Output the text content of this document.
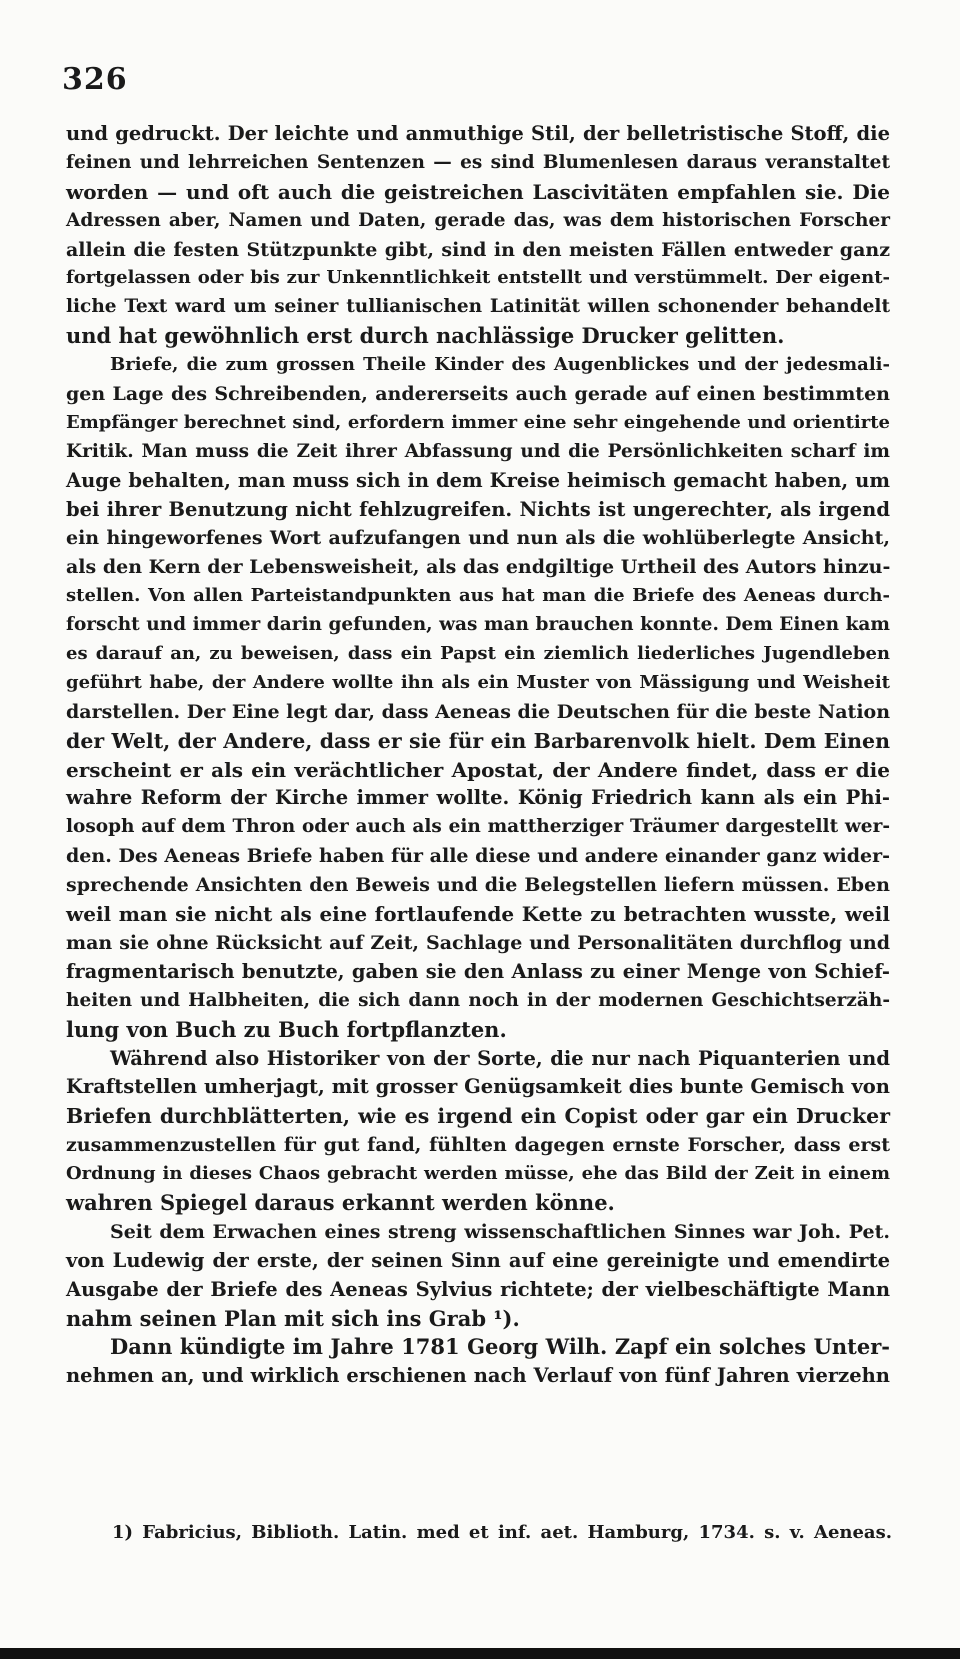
326
und gedruckt. Der leichte und anmuthige Stil, der belletristische Stoff, die
feinen und lehrreichen Sentenzen — es sind Blumenlesen daraus veranstaltet
worden — und oft auch die geistreichen Lascivitäten empfahlen sie. Die
Adressen aber, Namen und Daten, gerade das, was dem historischen Forscher
allein die festen Stützpunkte gibt, sind in den meisten Fällen entweder ganz
fortgelassen oder bis zur Unkenntlichkeit entstellt und verstümmelt. Der eigent-
liche Text ward um seiner tullianischen Latinität willen schonender behandelt
und hat gewöhnlich erst durch nachlässige Drucker gelitten.
Briefe, die zum grossen Theile Kinder des Augenblickes und der jedesmali-
gen Lage des Schreibenden, andererseits auch gerade auf einen bestimmten
Empfänger berechnet sind, erfordern immer eine sehr eingehende und orientirte
Kritik. Man muss die Zeit ihrer Abfassung und die Persönlichkeiten scharf im
Auge behalten, man muss sich in dem Kreise heimisch gemacht haben, um
bei ihrer Benutzung nicht fehlzugreifen. Nichts ist ungerechter, als irgend
ein hingeworfenes Wort aufzufangen und nun als die wohlüberlegte Ansicht,
als den Kern der Lebensweisheit, als das endgiltige Urtheil des Autors hinzu-
stellen. Von allen Parteistandpunkten aus hat man die Briefe des Aeneas durch-
forscht und immer darin gefunden, was man brauchen konnte. Dem Einen kam
es darauf an, zu beweisen, dass ein Papst ein ziemlich liederliches Jugendleben
geführt habe, der Andere wollte ihn als ein Muster von Mässigung und Weisheit
darstellen. Der Eine legt dar, dass Aeneas die Deutschen für die beste Nation
der Welt, der Andere, dass er sie für ein Barbarenvolk hielt. Dem Einen
erscheint er als ein verächtlicher Apostat, der Andere findet, dass er die
wahre Reform der Kirche immer wollte. König Friedrich kann als ein Phi-
losoph auf dem Thron oder auch als ein mattherziger Träumer dargestellt wer-
den. Des Aeneas Briefe haben für alle diese und andere einander ganz wider-
sprechende Ansichten den Beweis und die Belegstellen liefern müssen. Eben
weil man sie nicht als eine fortlaufende Kette zu betrachten wusste, weil
man sie ohne Rücksicht auf Zeit, Sachlage und Personalitäten durchflog und
fragmentarisch benutzte, gaben sie den Anlass zu einer Menge von Schief-
heiten und Halbheiten, die sich dann noch in der modernen Geschichtserzäh-
lung von Buch zu Buch fortpflanzten.
Während also Historiker von der Sorte, die nur nach Piquanterien und
Kraftstellen umherjagt, mit grosser Genügsamkeit dies bunte Gemisch von
Briefen durchblätterten, wie es irgend ein Copist oder gar ein Drucker
zusammenzustellen für gut fand, fühlten dagegen ernste Forscher, dass erst
Ordnung in dieses Chaos gebracht werden müsse, ehe das Bild der Zeit in einem
wahren Spiegel daraus erkannt werden könne.
Seit dem Erwachen eines streng wissenschaftlichen Sinnes war Joh. Pet.
von Ludewig der erste, der seinen Sinn auf eine gereinigte und emendirte
Ausgabe der Briefe des Aeneas Sylvius richtete; der vielbeschäftigte Mann
nahm seinen Plan mit sich ins Grab ¹).
Dann kündigte im Jahre 1781 Georg Wilh. Zapf ein solches Unter-
nehmen an, und wirklich erschienen nach Verlauf von fünf Jahren vierzehn
1) Fabricius, Biblioth. Latin. med et inf. aet. Hamburg, 1734. s. v. Aeneas.
